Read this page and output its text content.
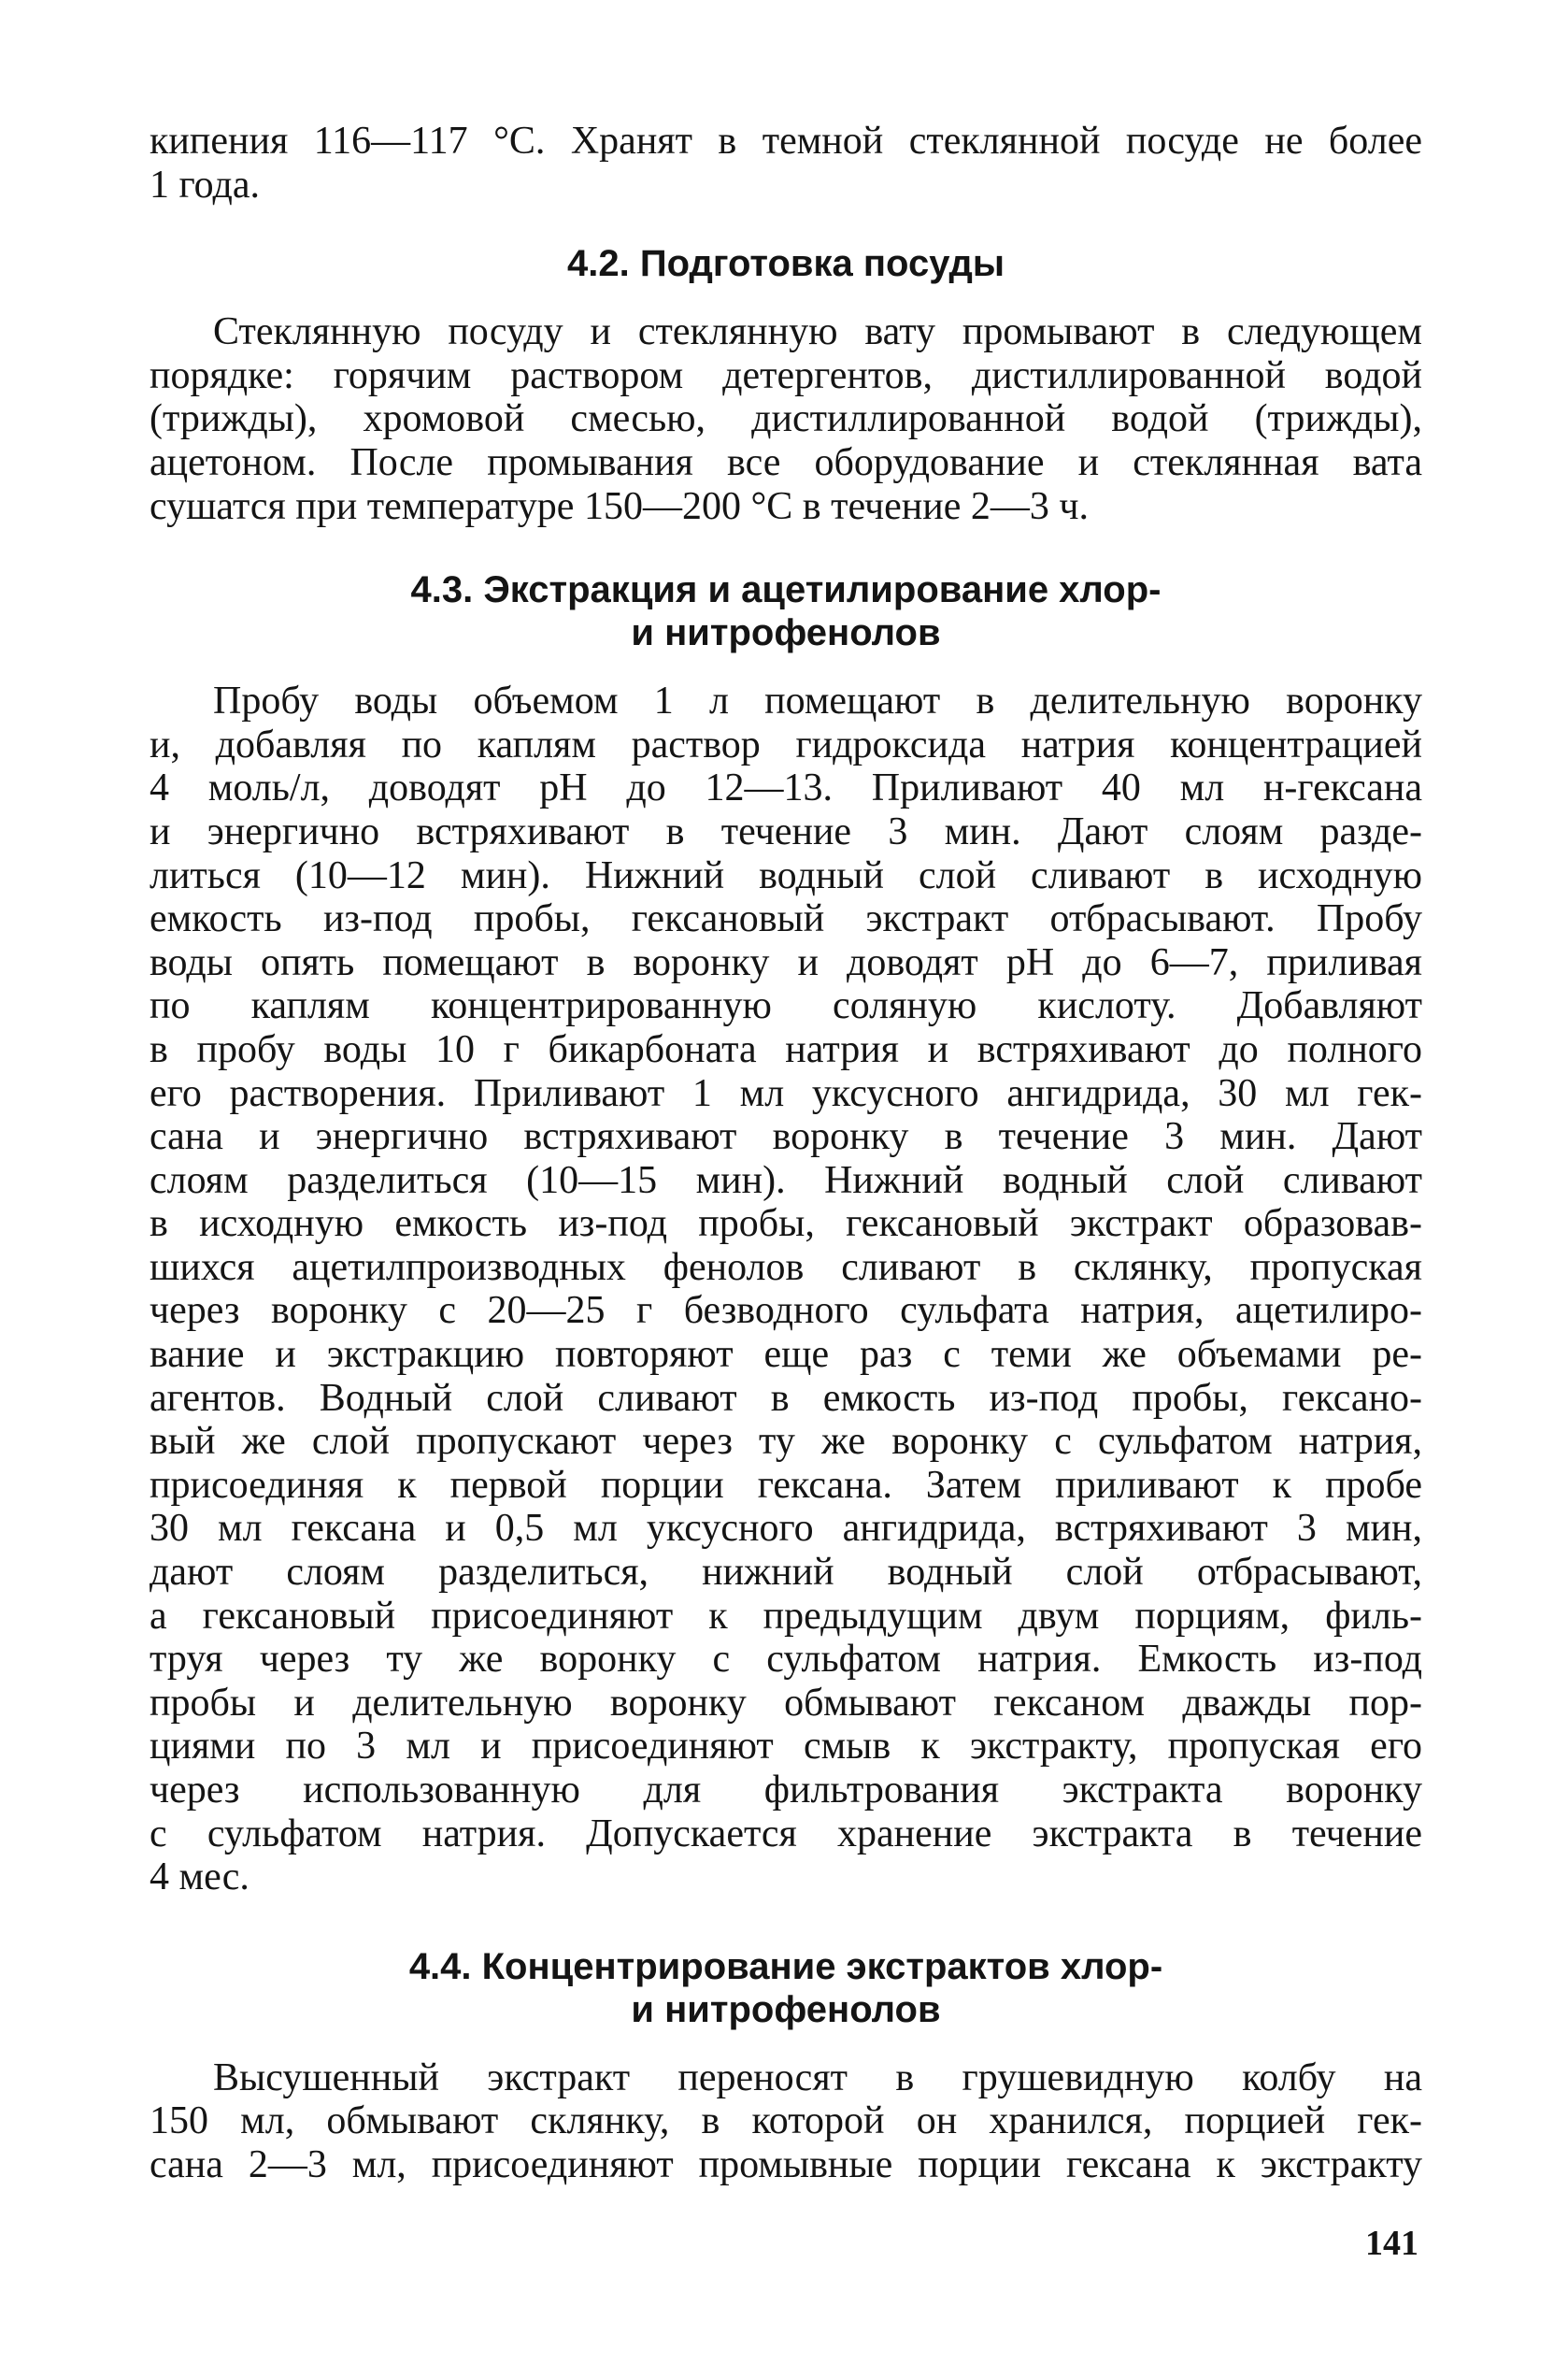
кипения 116—117 °С. Хранят в темной стеклянной посуде не более
1 года.
4.2. Подготовка посуды
Стеклянную посуду и стеклянную вату промывают в следующем
порядке: горячим раствором детергентов, дистиллированной водой
(трижды), хромовой смесью, дистиллированной водой (трижды),
ацетоном. После промывания все оборудование и стеклянная вата
сушатся при температуре 150—200 °С в течение 2—3 ч.
4.3. Экстракция и ацетилирование хлор-
и нитрофенолов
Пробу воды объемом 1 л помещают в делительную воронку
и, добавляя по каплям раствор гидроксида натрия концентрацией
4 моль/л, доводят pH до 12—13. Приливают 40 мл н-гексана
и энергично встряхивают в течение 3 мин. Дают слоям разде-
литься (10—12 мин). Нижний водный слой сливают в исходную
емкость из-под пробы, гексановый экстракт отбрасывают. Пробу
воды опять помещают в воронку и доводят pH до 6—7, приливая
по каплям концентрированную соляную кислоту. Добавляют
в пробу воды 10 г бикарбоната натрия и встряхивают до полного
его растворения. Приливают 1 мл уксусного ангидрида, 30 мл гек-
сана и энергично встряхивают воронку в течение 3 мин. Дают
слоям разделиться (10—15 мин). Нижний водный слой сливают
в исходную емкость из-под пробы, гексановый экстракт образовав-
шихся ацетилпроизводных фенолов сливают в склянку, пропуская
через воронку с 20—25 г безводного сульфата натрия, ацетилиро-
вание и экстракцию повторяют еще раз с теми же объемами ре-
агентов. Водный слой сливают в емкость из-под пробы, гексано-
вый же слой пропускают через ту же воронку с сульфатом натрия,
присоединяя к первой порции гексана. Затем приливают к пробе
30 мл гексана и 0,5 мл уксусного ангидрида, встряхивают 3 мин,
дают слоям разделиться, нижний водный слой отбрасывают,
а гексановый присоединяют к предыдущим двум порциям, филь-
труя через ту же воронку с сульфатом натрия. Емкость из-под
пробы и делительную воронку обмывают гексаном дважды пор-
циями по 3 мл и присоединяют смыв к экстракту, пропуская его
через использованную для фильтрования экстракта воронку
с сульфатом натрия. Допускается хранение экстракта в течение
4 мес.
4.4. Концентрирование экстрактов хлор-
и нитрофенолов
Высушенный экстракт переносят в грушевидную колбу на
150 мл, обмывают склянку, в которой он хранился, порцией гек-
сана 2—3 мл, присоединяют промывные порции гексана к экстракту
141
